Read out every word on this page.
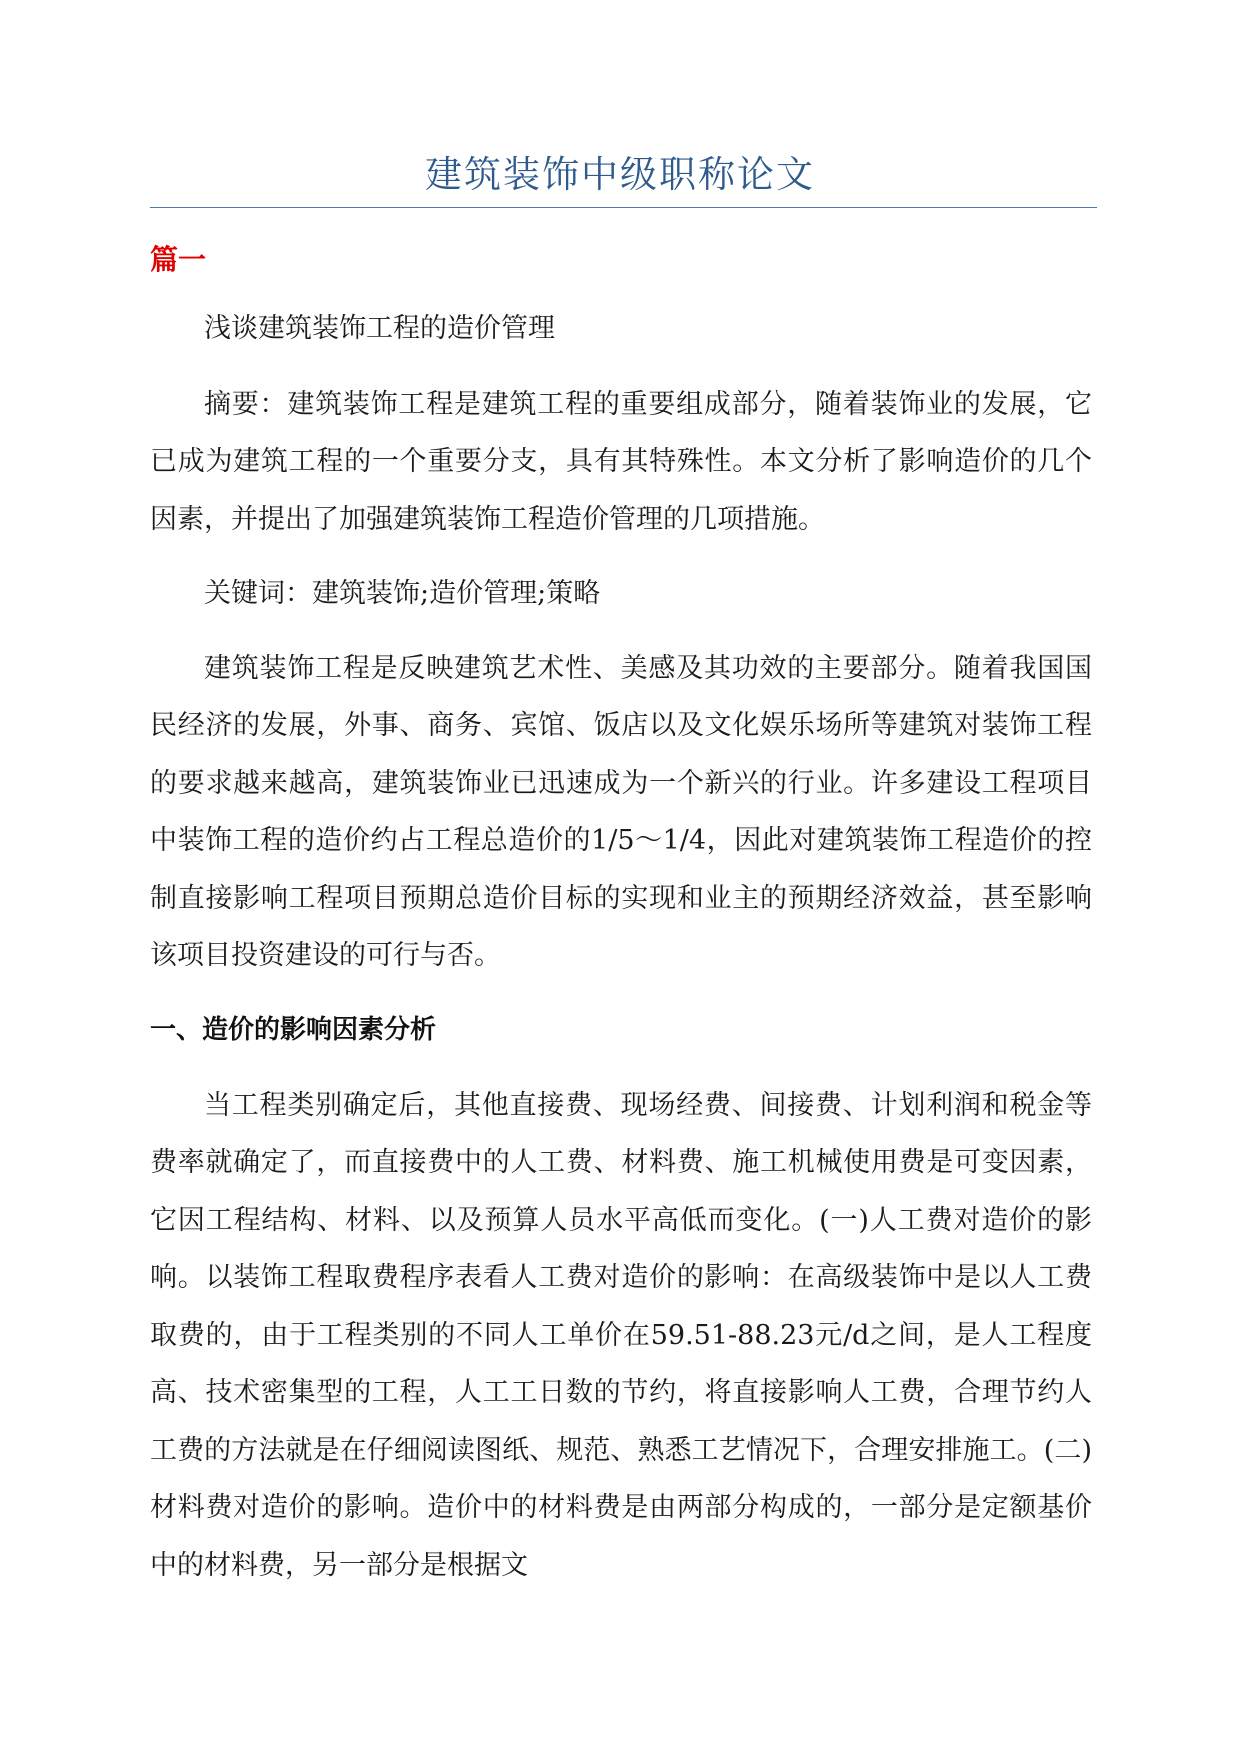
建筑装饰中级职称论文
篇一

浅谈建筑装饰工程的造价管理

摘要：建筑装饰工程是建筑工程的重要组成部分，随着装饰业的发展，它已成为建筑工程的一个重要分支，具有其特殊性。本文分析了影响造价的几个因素，并提出了加强建筑装饰工程造价管理的几项措施。

关键词：建筑装饰;造价管理;策略

建筑装饰工程是反映建筑艺术性、美感及其功效的主要部分。随着我国国民经济的发展，外事、商务、宾馆、饭店以及文化娱乐场所等建筑对装饰工程的要求越来越高，建筑装饰业已迅速成为一个新兴的行业。许多建设工程项目中装饰工程的造价约占工程总造价的1/5～1/4，因此对建筑装饰工程造价的控制直接影响工程项目预期总造价目标的实现和业主的预期经济效益，甚至影响该项目投资建设的可行与否。

一、造价的影响因素分析

当工程类别确定后，其他直接费、现场经费、间接费、计划利润和税金等费率就确定了，而直接费中的人工费、材料费、施工机械使用费是可变因素，它因工程结构、材料、以及预算人员水平高低而变化。(一)人工费对造价的影响。以装饰工程取费程序表看人工费对造价的影响：在高级装饰中是以人工费取费的，由于工程类别的不同人工单价在59.51-88.23元/d之间，是人工程度高、技术密集型的工程，人工工日数的节约，将直接影响人工费，合理节约人工费的方法就是在仔细阅读图纸、规范、熟悉工艺情况下，合理安排施工。(二)材料费对造价的影响。造价中的材料费是由两部分构成的，一部分是定额基价中的材料费，另一部分是根据文
